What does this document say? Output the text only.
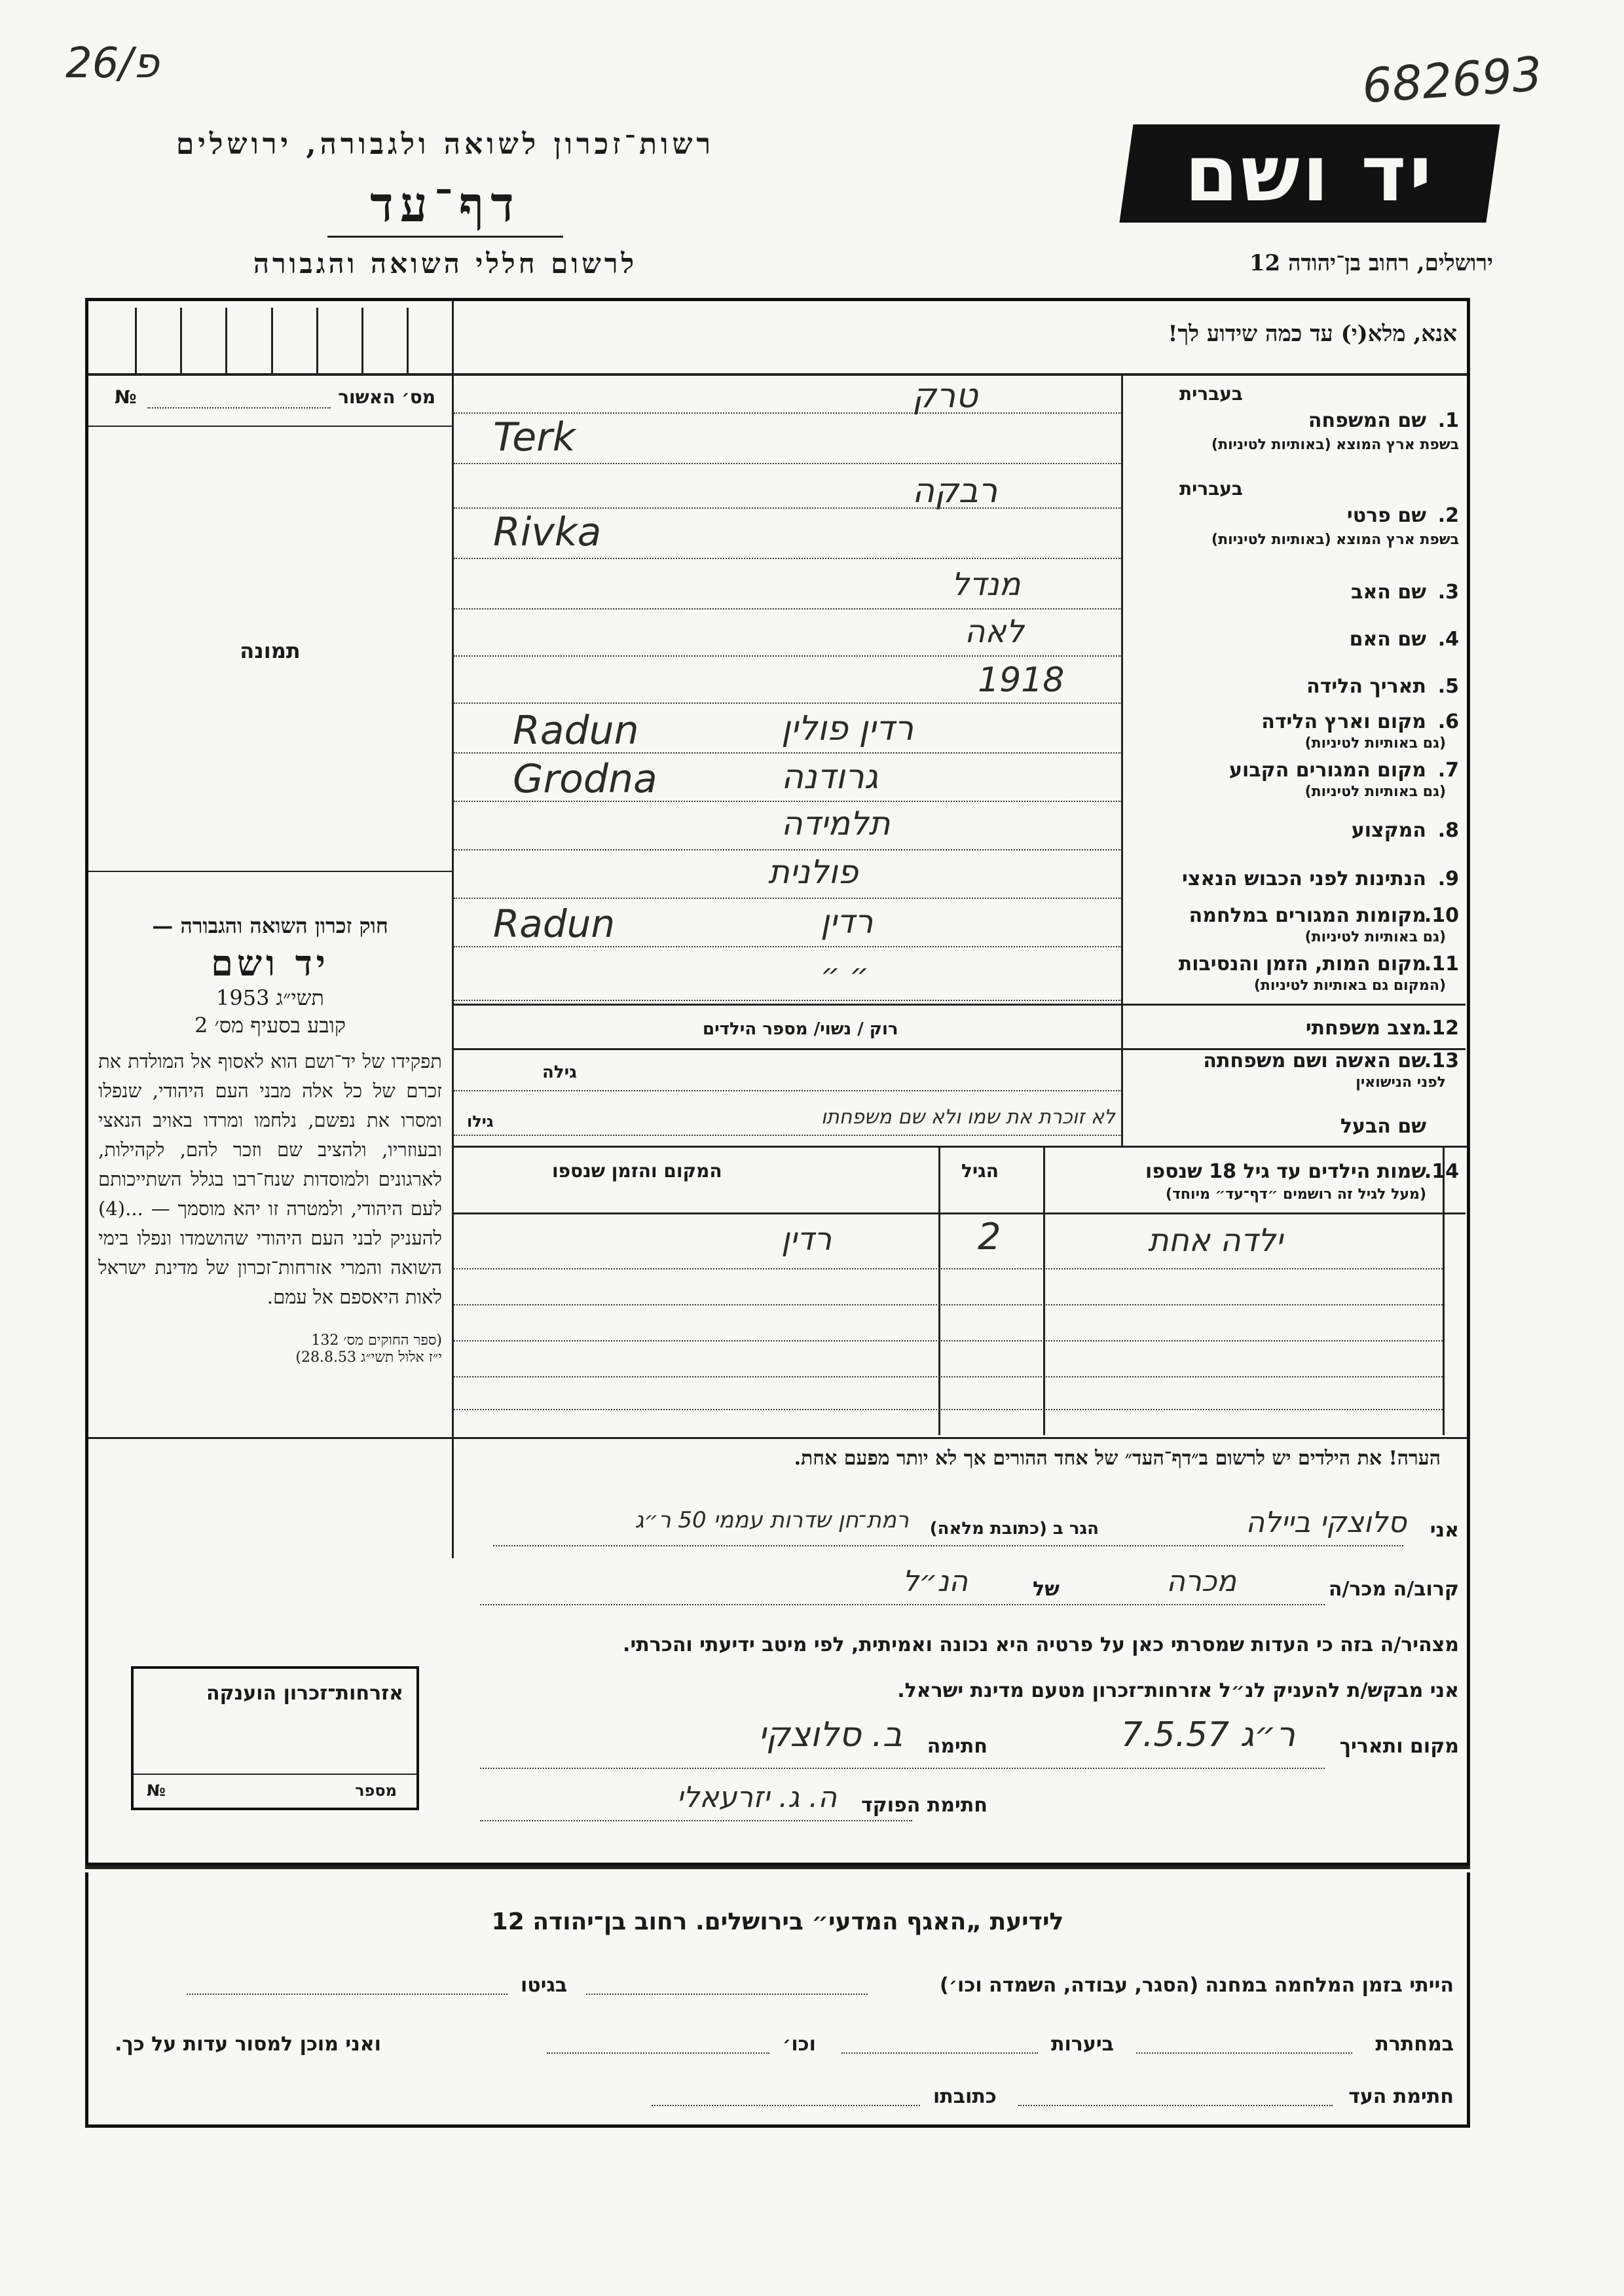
26/פ	682693
רשות־זכרון לשואה ולגבורה, ירושלים
דף־עד
לרשום חללי השואה והגבורה
יד ושם
ירושלים, רחוב בן־יהודה 12
אנא, מלא(י) עד כמה שידוע לך!
מס׳ האשור
№
תמונה
חוק זכרון השואה והגבורה —
יד ושם
תשי״ג 1953
קובע בסעיף מס׳ 2
תפקידו של יד־ושם הוא לאסוף אל המולדת את זכרם של כל אלה מבני העם היהודי, שנפלו ומסרו את נפשם, נלחמו ומרדו באויב הנאצי ובעוזריו, ולהציב שם וזכר להם, לקהילות, לארגונים ולמוסדות שנח־רבו בגלל השתייכותם לעם היהודי, ולמטרה זו יהא מוסמך — ...(4) להעניק לבני העם היהודי שהושמדו ונפלו בימי השואה והמרי אזרחות־זכרון של מדינת ישראל לאות היאספם אל עמם.
(ספר החוקים מס׳ 132
י״ז אלול תשי״ג 28.8.53)
בעברית
1.
שם המשפחה
בשפת ארץ המוצא (באותיות לטיניות)
טרק
Terk
בעברית
2.
שם פרטי
בשפת ארץ המוצא (באותיות לטיניות)
רבקה
Rivka
3.
שם האב
מנדל
4.
שם האם
לאה
5.
תאריך הלידה
1918
6.
מקום וארץ הלידה
(גם באותיות לטיניות)
רדין פולין
Radun
7.
מקום המגורים הקבוע
(גם באותיות לטיניות)
גרודנה
Grodna
8.
המקצוע
תלמידה
9.
הנתינות לפני הכבוש הנאצי
פולנית
10.
מקומות המגורים במלחמה
(גם באותיות לטיניות)
רדין
Radun
11.
מקום המות, הזמן והנסיבות
(המקום גם באותיות לטיניות)
״ ״
12.
מצב משפחתי
רוק / נשוי/ מספר הילדים
13.
שם האשה ושם משפחתה
לפני הנישואין
גילה
שם הבעל
לא זוכרת את שמו ולא שם משפחתו
גילו
14.
שמות הילדים עד גיל 18 שנספו
(מעל לגיל זה רושמים ״דף־עד״ מיוחד)
הגיל
המקום והזמן שנספו
ילדה אחת
2
רדין
הערה! את הילדים יש לרשום ב״דף־העד״ של אחד ההורים אך לא יותר מפעם אחת.
אני
סלוצקי ביילה
הגר ב (כתובת מלאה)
רמת־חן שדרות עממי 50 ר״ג
קרוב/ה מכר/ה
מכרה
של
הנ״ל
מצהיר/ה בזה כי העדות שמסרתי כאן על פרטיה היא נכונה ואמיתית, לפי מיטב ידיעתי והכרתי.
אני מבקש/ת להעניק לנ״ל אזרחות־זכרון מטעם מדינת ישראל.
מקום ותאריך
ר״ג 7.5.57
חתימה
ב. סלוצקי
חתימת הפוקד
ה. ג. יזרעאלי
אזרחות־זכרון הוענקה
מספר
№
לידיעת „האגף המדעי״ בירושלים. רחוב בן־יהודה 12
הייתי בזמן המלחמה במחנה (הסגר, עבודה, השמדה וכו׳)
בגיטו
במחתרת
ביערות
וכו׳
ואני מוכן למסור עדות על כך.
חתימת העד
כתובתו
